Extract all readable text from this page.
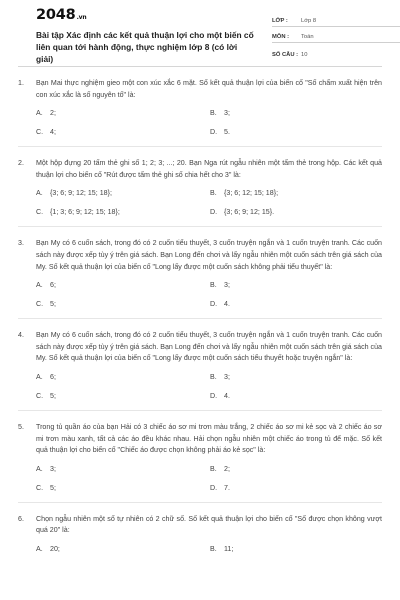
2048.vn
Bài tập Xác định các kết quả thuận lợi cho một biến cố liên quan tới hành động, thực nghiệm lớp 8 (có lời giải)
LỚP :	Lớp 8
MÔN :	Toán
SỐ CÂU : 10
1.	Bạn Mai thực nghiệm gieo một con xúc xắc 6 mặt. Số kết quả thuận lợi của biến cố "Số chấm xuất hiện trên con xúc xắc là số nguyên tố" là:
A.	2;	B.	3;
C. 4;	D. 5.
2.	Một hộp đựng 20 tấm thẻ ghi số 1; 2; 3; ...; 20. Bạn Nga rút ngẫu nhiên một tấm thẻ trong hộp. Các kết quả thuận lợi cho biến cố "Rút được tấm thẻ ghi số chia hết cho 3" là:
A.	{3; 6; 9; 12; 15; 18};	B.	{3; 6; 12; 15; 18};
C. {1; 3; 6; 9; 12; 15; 18};	D. {3; 6; 9; 12; 15}.
3.	Bạn My có 6 cuốn sách, trong đó có 2 cuốn tiểu thuyết, 3 cuốn truyện ngắn và 1 cuốn truyện tranh. Các cuốn sách này được xếp tùy ý trên giá sách. Bạn Long đến chơi và lấy ngẫu nhiên một cuốn sách trên giá sách của My. Số kết quả thuận lợi của biến cố "Long lấy được một cuốn sách không phải tiểu thuyết" là:
A.	6;	B.	3;
C. 5;	D. 4.
4.	Bạn My có 6 cuốn sách, trong đó có 2 cuốn tiểu thuyết, 3 cuốn truyện ngắn và 1 cuốn truyện tranh. Các cuốn sách này được xếp tùy ý trên giá sách. Bạn Long đến chơi và lấy ngẫu nhiên một cuốn sách trên giá sách của My. Số kết quả thuận lợi của biến cố "Long lấy được một cuốn sách tiểu thuyết hoặc truyện ngắn" là:
A.	6;	B.	3;
C. 5;	D. 4.
5.	Trong tủ quần áo của bạn Hải có 3 chiếc áo sơ mi trơn màu trắng, 2 chiếc áo sơ mi kẻ sọc và 2 chiếc áo sơ mi trơn màu xanh, tất cả các áo đều khác nhau. Hải chọn ngẫu nhiên một chiếc áo trong tủ để mặc. Số kết quả thuận lợi cho biến cố "Chiếc áo được chọn không phải áo kẻ sọc" là:
A.	3;	B.	2;
C. 5;	D. 7.
6.	Chọn ngẫu nhiên một số tự nhiên có 2 chữ số. Số kết quả thuận lợi cho biến cố "Số được chọn không vượt quá 20" là:
A.	20;	B.	11;
